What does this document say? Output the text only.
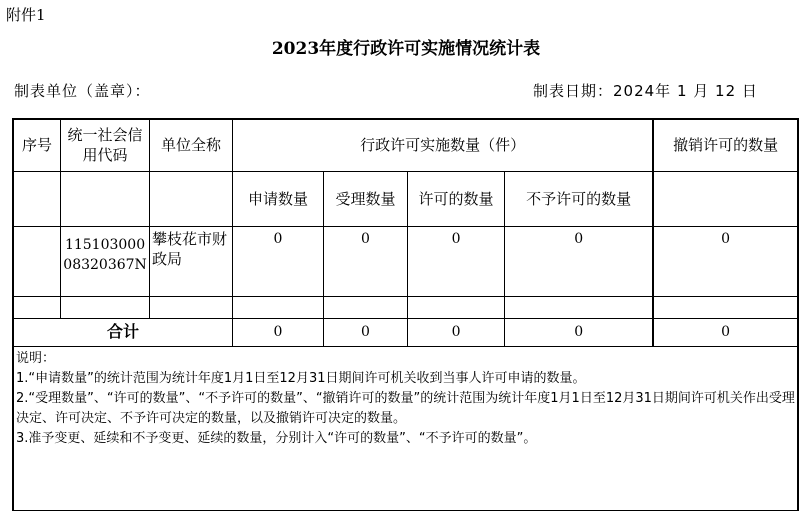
附件1
2023年度行政许可实施情况统计表
制表单位（盖章）：	制表日期：2024年 1 月 12 日
序号	统一社会信用代码	单位全称	行政许可实施数量（件）				撤销许可的数量
			申请数量	受理数量	许可的数量	不予许可的数量	
	11510300008320367N	攀枝花市财政局	0	0	0	0	0

合计			0	0	0	0	0

说明：
1.“申请数量”的统计范围为统计年度1月1日至12月31日期间许可机关收到当事人许可申请的数量。
2.“受理数量”、“许可的数量”、“不予许可的数量”、“撤销许可的数量”的统计范围为统计年度1月1日至12月31日期间许可机关作出受理决定、许可决定、不予许可决定的数量，以及撤销许可决定的数量。
3.准予变更、延续和不予变更、延续的数量，分别计入“许可的数量”、“不予许可的数量”。							
